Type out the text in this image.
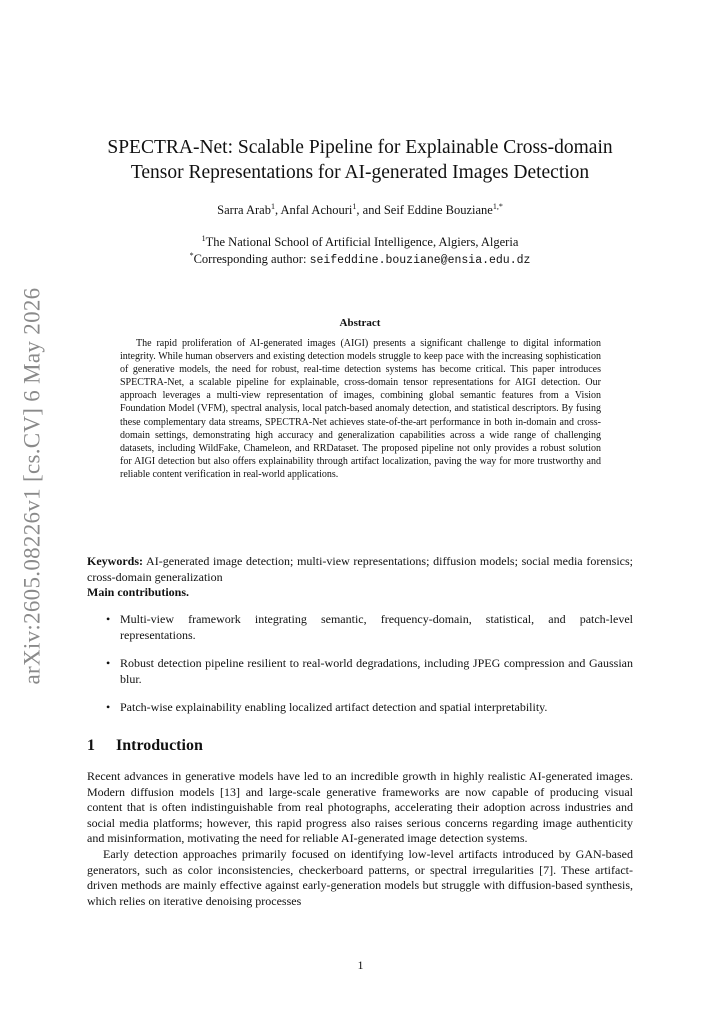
arXiv:2605.08226v1 [cs.CV] 6 May 2026
SPECTRA-Net: Scalable Pipeline for Explainable Cross-domain
Tensor Representations for AI-generated Images Detection
Sarra Arab$^1$, Anfal Achouri$^1$, and Seif Eddine Bouziane$^{1,*}$
$^1$The National School of Artificial Intelligence, Algiers, Algeria
*Corresponding author: seifeddine.bouziane@ensia.edu.dz
Abstract
The rapid proliferation of AI-generated images (AIGI) presents a significant challenge to digital information integrity. While human observers and existing detection models struggle to keep pace with the increasing sophistication of generative models, the need for robust, real-time detection systems has become critical. This paper introduces SPECTRA-Net, a scalable pipeline for explainable, cross-domain tensor representations for AIGI detection. Our approach leverages a multi-view representation of images, combining global semantic features from a Vision Foundation Model (VFM), spectral analysis, local patch-based anomaly detection, and statistical descriptors. By fusing these complementary data streams, SPECTRA-Net achieves state-of-the-art performance in both in-domain and cross-domain settings, demonstrating high accuracy and generalization capabilities across a wide range of challenging datasets, including WildFake, Chameleon, and RRDataset. The proposed pipeline not only provides a robust solution for AIGI detection but also offers explainability through artifact localization, paving the way for more trustworthy and reliable content verification in real-world applications.
Keywords: AI-generated image detection; multi-view representations; diffusion models; social media forensics; cross-domain generalization
Main contributions.
• Multi-view framework integrating semantic, frequency-domain, statistical, and patch-level representations.
• Robust detection pipeline resilient to real-world degradations, including JPEG compression and Gaussian blur.
• Patch-wise explainability enabling localized artifact detection and spatial interpretability.
1 Introduction

Recent advances in generative models have led to an incredible growth in highly realistic AI-generated images. Modern diffusion models [13] and large-scale generative frameworks are now capable of producing visual content that is often indistinguishable from real photographs, accelerating their adoption across industries and social media platforms; however, this rapid progress also raises serious concerns regarding image authenticity and misinformation, motivating the need for reliable AI-generated image detection systems.

Early detection approaches primarily focused on identifying low-level artifacts introduced by GAN-based generators, such as color inconsistencies, checkerboard patterns, or spectral irregularities [7]. These artifact-driven methods are mainly effective against early-generation models but struggle with diffusion-based synthesis, which relies on iterative denoising processes

1
